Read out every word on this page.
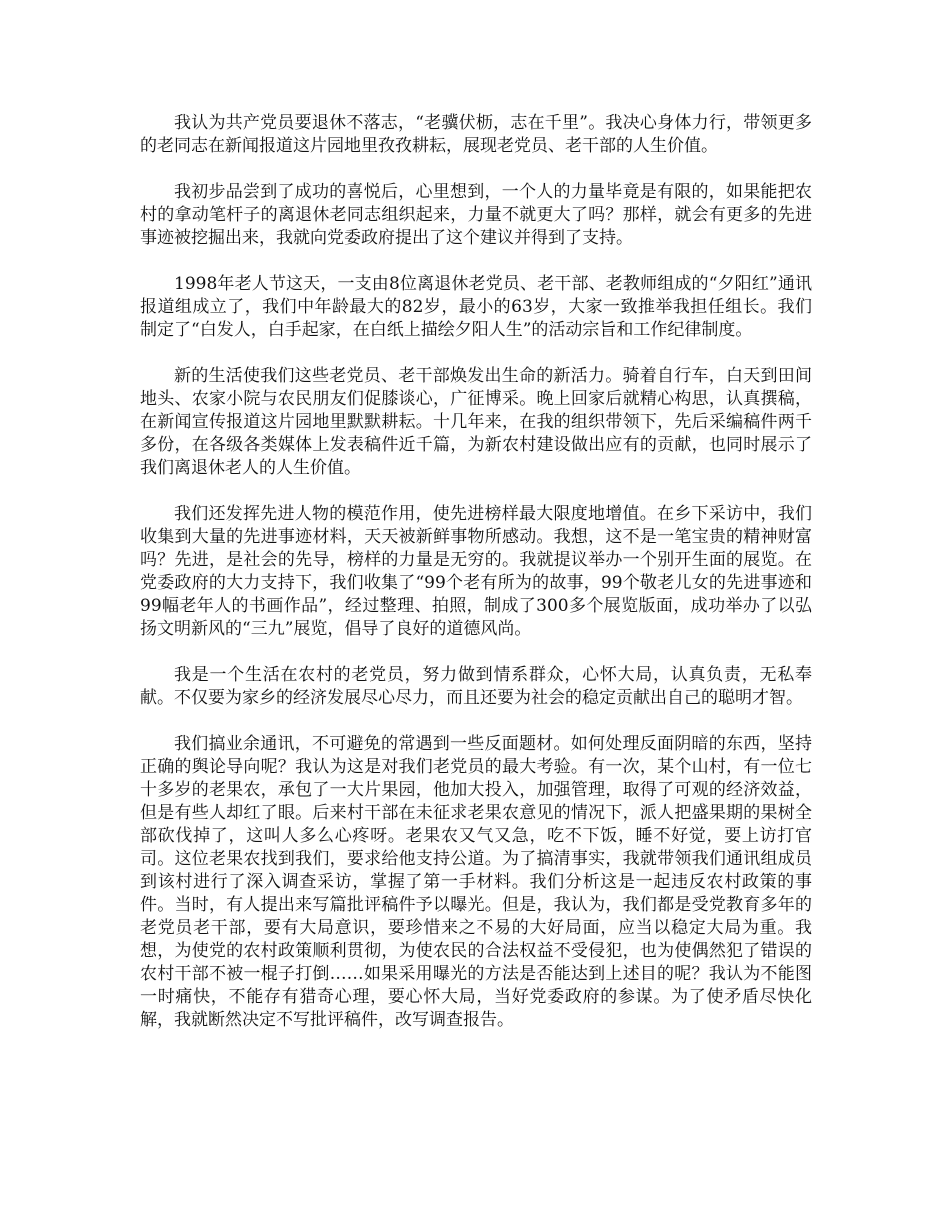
我认为共产党员要退休不落志，“老骥伏枥，志在千里”。我决心身体力行，带领更多的老同志在新闻报道这片园地里孜孜耕耘，展现老党员、老干部的人生价值。

我初步品尝到了成功的喜悦后，心里想到，一个人的力量毕竟是有限的，如果能把农村的拿动笔杆子的离退休老同志组织起来，力量不就更大了吗？那样，就会有更多的先进事迹被挖掘出来，我就向党委政府提出了这个建议并得到了支持。

1998年老人节这天，一支由8位离退休老党员、老干部、老教师组成的“夕阳红”通讯报道组成立了，我们中年龄最大的82岁，最小的63岁，大家一致推举我担任组长。我们制定了“白发人，白手起家，在白纸上描绘夕阳人生”的活动宗旨和工作纪律制度。

新的生活使我们这些老党员、老干部焕发出生命的新活力。骑着自行车，白天到田间地头、农家小院与农民朋友们促膝谈心，广征博采。晚上回家后就精心构思，认真撰稿，在新闻宣传报道这片园地里默默耕耘。十几年来，在我的组织带领下，先后采编稿件两千多份，在各级各类媒体上发表稿件近千篇，为新农村建设做出应有的贡献，也同时展示了我们离退休老人的人生价值。

我们还发挥先进人物的模范作用，使先进榜样最大限度地增值。在乡下采访中，我们收集到大量的先进事迹材料，天天被新鲜事物所感动。我想，这不是一笔宝贵的精神财富吗？先进，是社会的先导，榜样的力量是无穷的。我就提议举办一个别开生面的展览。在党委政府的大力支持下，我们收集了“99个老有所为的故事，99个敬老儿女的先进事迹和99幅老年人的书画作品”，经过整理、拍照，制成了300多个展览版面，成功举办了以弘扬文明新风的“三九”展览，倡导了良好的道德风尚。

我是一个生活在农村的老党员，努力做到情系群众，心怀大局，认真负责，无私奉献。不仅要为家乡的经济发展尽心尽力，而且还要为社会的稳定贡献出自己的聪明才智。

我们搞业余通讯，不可避免的常遇到一些反面题材。如何处理反面阴暗的东西，坚持正确的舆论导向呢？我认为这是对我们老党员的最大考验。有一次，某个山村，有一位七十多岁的老果农，承包了一大片果园，他加大投入，加强管理，取得了可观的经济效益，但是有些人却红了眼。后来村干部在未征求老果农意见的情况下，派人把盛果期的果树全部砍伐掉了，这叫人多么心疼呀。老果农又气又急，吃不下饭，睡不好觉，要上访打官司。这位老果农找到我们，要求给他支持公道。为了搞清事实，我就带领我们通讯组成员到该村进行了深入调查采访，掌握了第一手材料。我们分析这是一起违反农村政策的事件。当时，有人提出来写篇批评稿件予以曝光。但是，我认为，我们都是受党教育多年的老党员老干部，要有大局意识，要珍惜来之不易的大好局面，应当以稳定大局为重。我想，为使党的农村政策顺利贯彻，为使农民的合法权益不受侵犯，也为使偶然犯了错误的农村干部不被一棍子打倒……如果采用曝光的方法是否能达到上述目的呢？我认为不能图一时痛快，不能存有猎奇心理，要心怀大局，当好党委政府的参谋。为了使矛盾尽快化解，我就断然决定不写批评稿件，改写调查报告。
